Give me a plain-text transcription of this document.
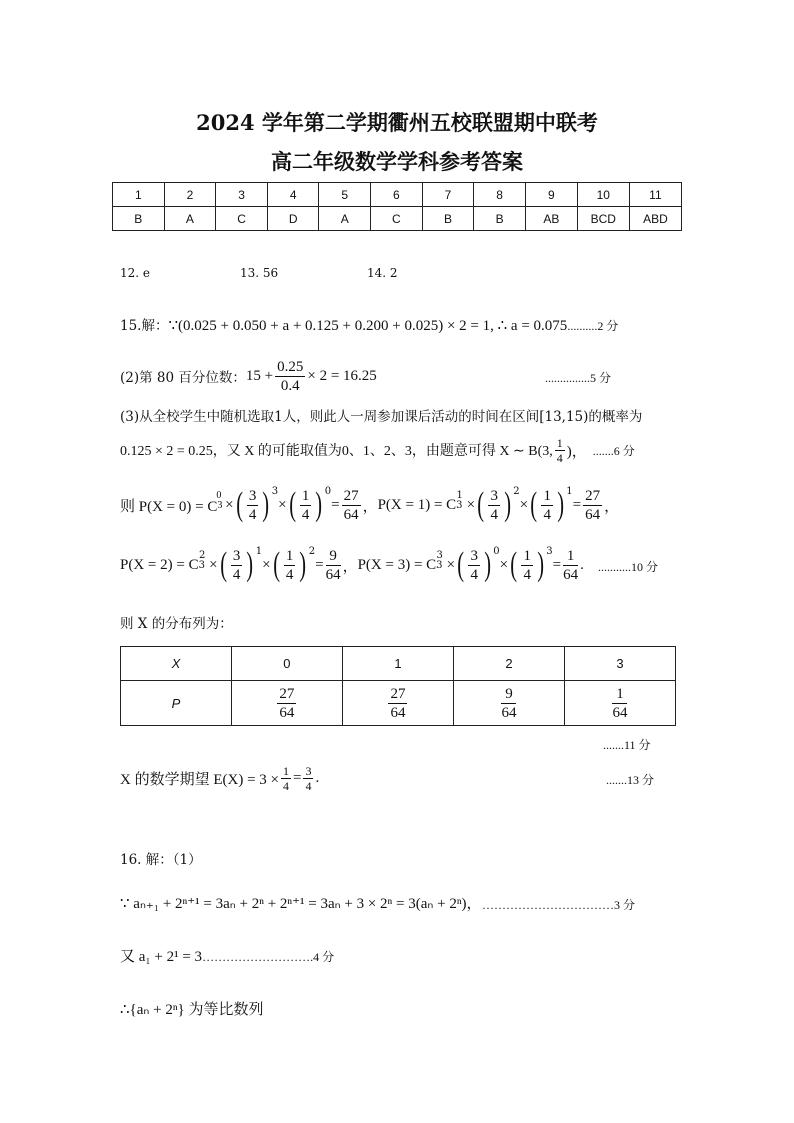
2024 学年第二学期衢州五校联盟期中联考
高二年级数学学科参考答案
1	2	3	4	5	6	7	8	9	10	11
B	A	C	D	A	C	B	B	AB	BCD	ABD
12. e	13. 56	14. 2
15.解：∵(0.025 + 0.050 + a + 0.125 + 0.200 + 0.025) × 2 = 1, ∴ a = 0.075..........2 分
(2)第 80 百分位数： $15 + \frac{0.25}{0.4} \times 2 = 16.25$	...............5 分
(3)从全校学生中随机选取1人，则此人一周参加课后活动的时间在区间[13,15)的概率为
0.125 × 2 = 0.25，又 X 的可能取值为0、1、2、3，由题意可得 X ∼ B(3, $\frac{1}{4}$ )， .......6 分
则 P(X = 0) = C 3
$^0$
× ( $\frac{3}{4} )^3$
× ( $\frac{1}{4} )^0$
= $\frac{27}{64}$ ， P(X = 1) = C 3
$^1$
× ( $\frac{3}{4} )^2$
× ( $\frac{1}{4} )^1$
= $\frac{27}{64}$ ，
P(X = 2) = C 3
$^2$
× ( $\frac{3}{4} )^1$
× ( $\frac{1}{4} )^2$
= $\frac{9}{64}$ ， P(X = 3) = C 3
$^3$
× ( $\frac{3}{4} )^0$
× ( $\frac{1}{4} )^3$
= $\frac{1}{64}$ . ...........10 分
则 X 的分布列为：
X	0	1	2	3
P	$\frac{27}{64}$	$\frac{27}{64}$	$\frac{9}{64}$	$\frac{1}{64}$
.......11 分
X 的数学期望 $E(X) = 3 \times \frac{1}{4} = \frac{3}{4}$ .	.......13 分
16. 解：（1）
∵ aₙ₊₁ + 2ⁿ⁺¹ = 3aₙ + 2ⁿ + 2ⁿ⁺¹ = 3aₙ + 3 × 2ⁿ = 3(aₙ + 2ⁿ)， ……………………………3 分
又 a₁ + 2¹ = 3……………………….4 分
∴{aₙ + 2ⁿ} 为等比数列
